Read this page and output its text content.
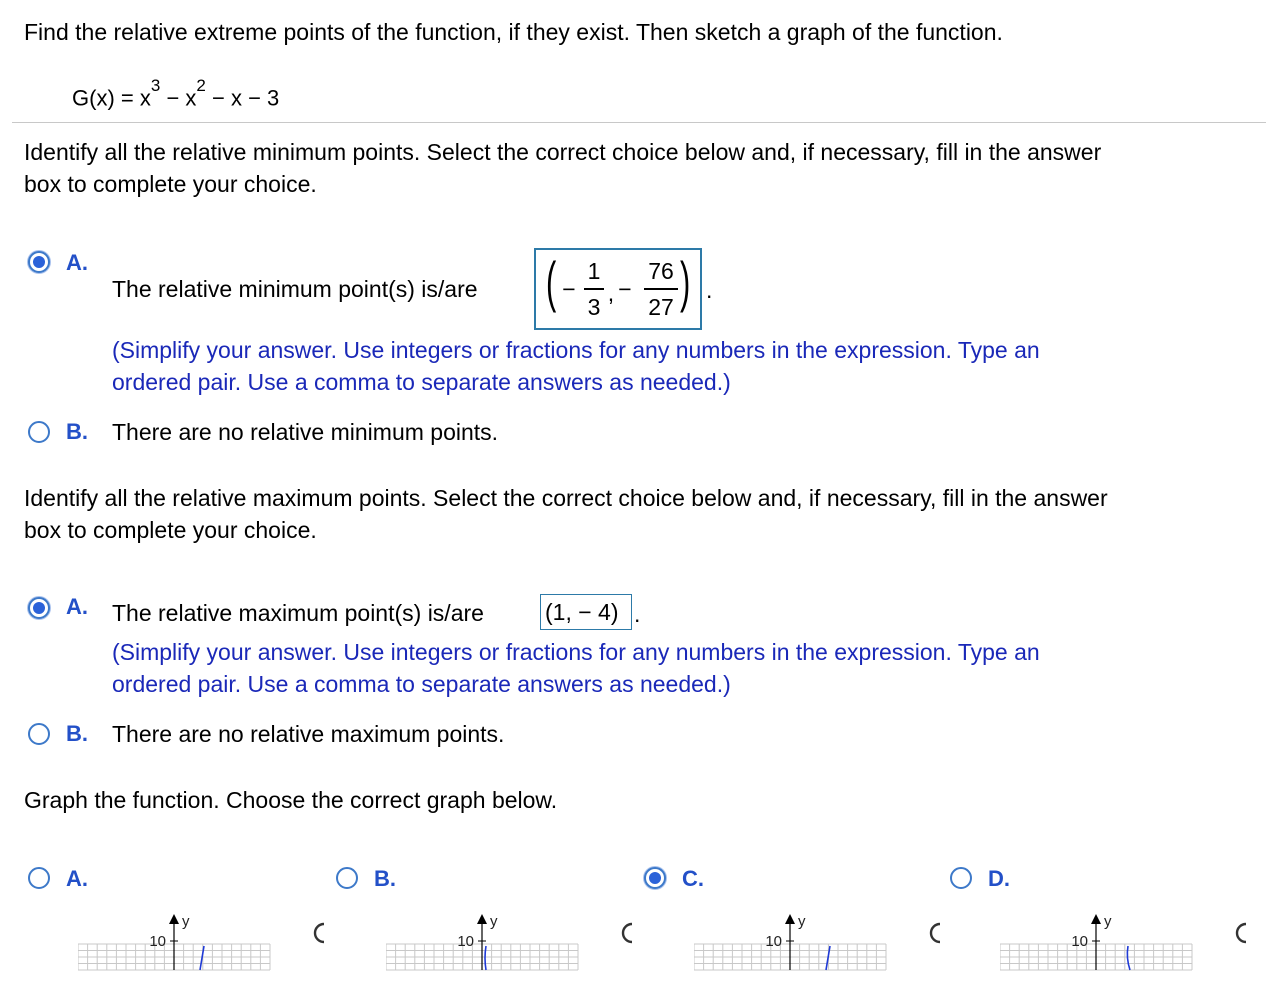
Find the relative extreme points of the function, if they exist. Then sketch a graph of the function.
$G(x) = x^3 - x^2 - x - 3$
Identify all the relative minimum points. Select the correct choice below and, if necessary, fill in the answer
box to complete your choice.
A.
The relative minimum point(s) is/are ( −
1
3
, −
76
27 ) .
(Simplify your answer. Use integers or fractions for any numbers in the expression. Type an
ordered pair. Use a comma to separate answers as needed.)
B. There are no relative minimum points.
Identify all the relative maximum points. Select the correct choice below and, if necessary, fill in the answer
box to complete your choice.
A. The relative maximum point(s) is/are	(1, − 4) .
(Simplify your answer. Use integers or fractions for any numbers in the expression. Type an
ordered pair. Use a comma to separate answers as needed.)
B. There are no relative maximum points.
Graph the function. Choose the correct graph below.
A.
10
y
B.
10
y
C.
10
y
D.
10
y
